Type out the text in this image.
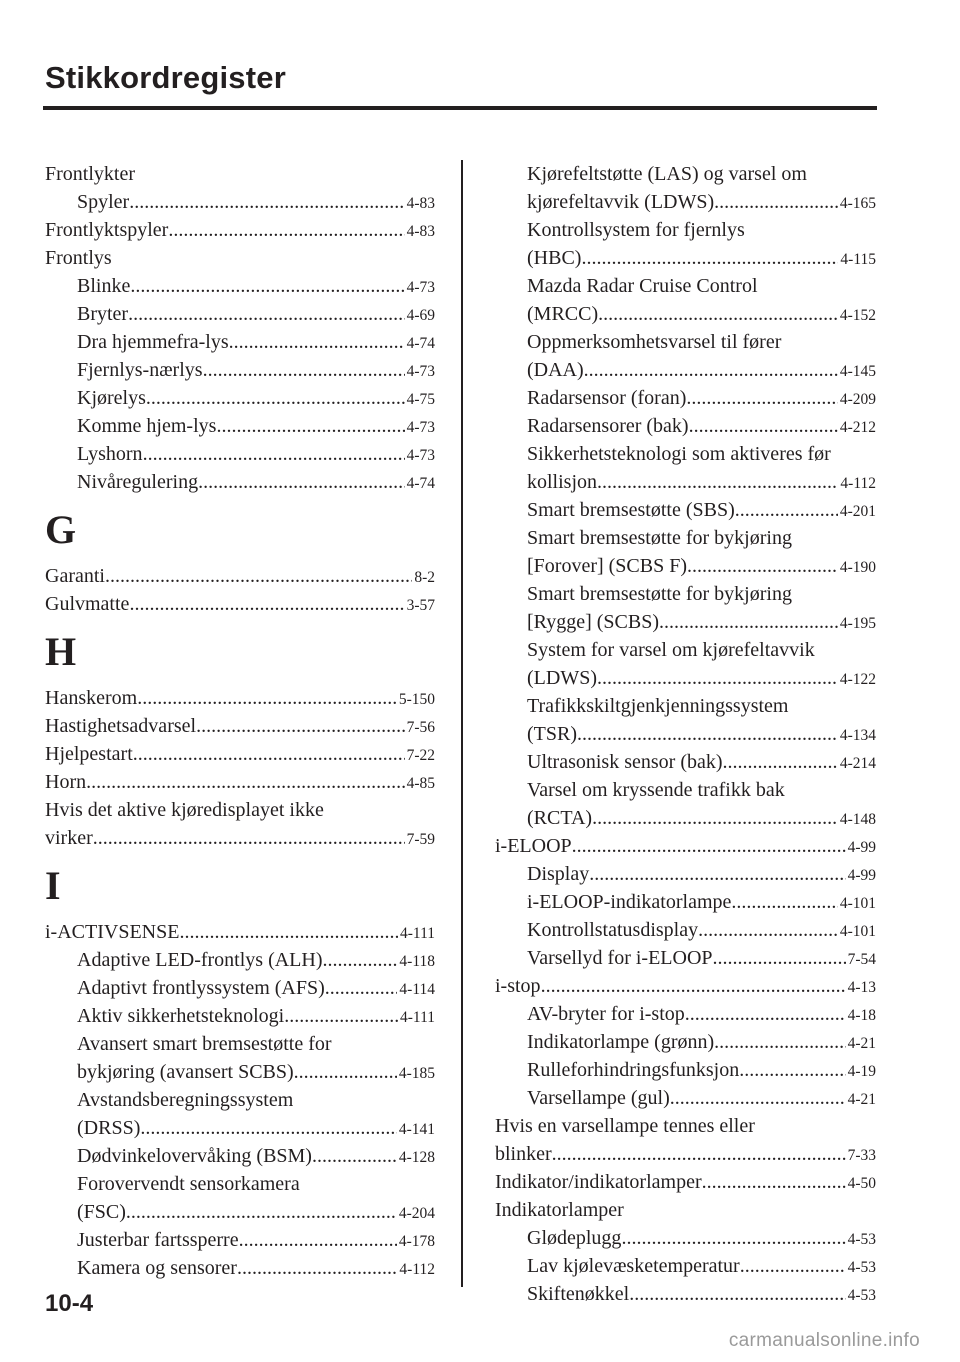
Stikkordregister
Frontlykter
Spyler .....	4-83
Frontlyktspyler .....	4-83
Frontlys
Blinke .....	4-73
Bryter .....	4-69
Dra hjemmefra-lys .....	4-74
Fjernlys-nærlys .....	4-73
Kjørelys .....	4-75
Komme hjem-lys .....	4-73
Lyshorn .....	4-73
Nivåregulering .....	4-74
G
Garanti .....	8-2
Gulvmatte .....	3-57
H
Hanskerom .....	5-150
Hastighetsadvarsel .....	7-56
Hjelpestart .....	7-22
Horn .....	4-85
Hvis det aktive kjøredisplayet ikke
virker .....	7-59
I
i-ACTIVSENSE .....	4-111
Adaptive LED-frontlys (ALH) .....	4-118
Adaptivt frontlyssystem (AFS) .....	4-114
Aktiv sikkerhetsteknologi .....	4-111
Avansert smart bremsestøtte for
bykjøring (avansert SCBS) .....	4-185
Avstandsberegningssystem
(DRSS) .....	4-141
Dødvinkelovervåking (BSM) .....	4-128
Forovervendt sensorkamera
(FSC) .....	4-204
Justerbar fartssperre .....	4-178
Kamera og sensorer .....	4-112
Kjørefeltstøtte (LAS) og varsel om
kjørefeltavvik (LDWS) .....	4-165
Kontrollsystem for fjernlys
(HBC) .....	4-115
Mazda Radar Cruise Control
(MRCC) .....	4-152
Oppmerksomhetsvarsel til fører
(DAA) .....	4-145
Radarsensor (foran) .....	4-209
Radarsensorer (bak) .....	4-212
Sikkerhetsteknologi som aktiveres før
kollisjon .....	4-112
Smart bremsestøtte (SBS) .....	4-201
Smart bremsestøtte for bykjøring
[Forover] (SCBS F) .....	4-190
Smart bremsestøtte for bykjøring
[Rygge] (SCBS) .....	4-195
System for varsel om kjørefeltavvik
(LDWS) .....	4-122
Trafikkskiltgjenkjenningssystem
(TSR) .....	4-134
Ultrasonisk sensor (bak) .....	4-214
Varsel om kryssende trafikk bak
(RCTA) .....	4-148
i-ELOOP .....	4-99
Display .....	4-99
i-ELOOP-indikatorlampe .....	4-101
Kontrollstatusdisplay .....	4-101
Varsellyd for i-ELOOP .....	7-54
i-stop .....	4-13
AV-bryter for i-stop .....	4-18
Indikatorlampe (grønn) .....	4-21
Rulleforhindringsfunksjon .....	4-19
Varsellampe (gul) .....	4-21
Hvis en varsellampe tennes eller
blinker .....	7-33
Indikator/indikatorlamper .....	4-50
Indikatorlamper
Glødeplugg .....	4-53
Lav kjølevæsketemperatur .....	4-53
Skiftenøkkel .....	4-53
10-4
carmanualsonline.info
